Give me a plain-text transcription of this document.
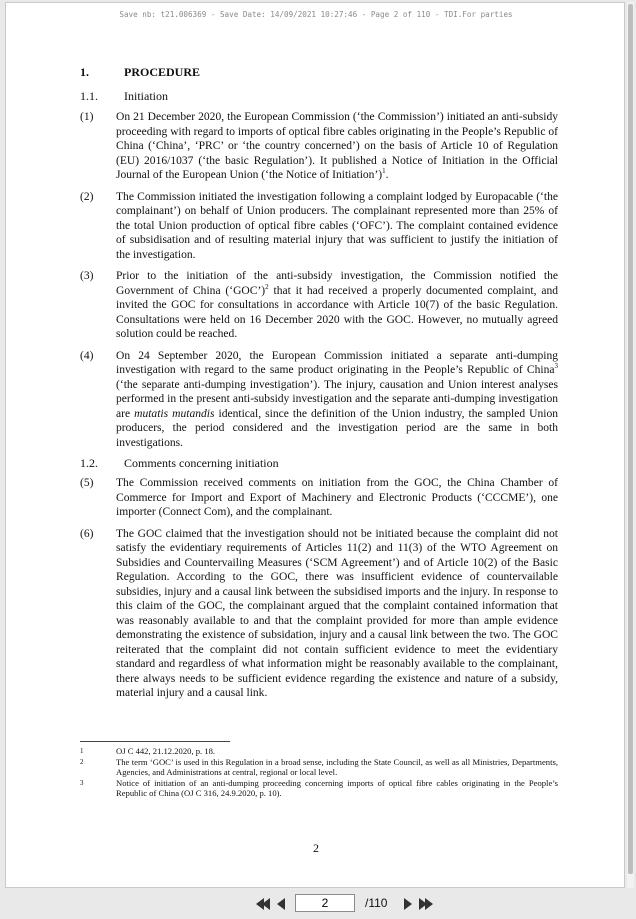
Save nb: t21.006369 - Save Date: 14/09/2021 10:27:46 - Page 2 of 110 - TDI.For parties
1.	PROCEDURE
1.1.	Initiation
(1)	On 21 December 2020, the European Commission (‘the Commission’) initiated an anti-subsidy proceeding with regard to imports of optical fibre cables originating in the People’s Republic of China (‘China’, ‘PRC’ or ‘the country concerned’) on the basis of Article 10 of Regulation (EU) 2016/1037 (‘the basic Regulation’). It published a Notice of Initiation in the Official Journal of the European Union (‘the Notice of Initiation’)$^1$.
(2)	The Commission initiated the investigation following a complaint lodged by Europacable (‘the complainant’) on behalf of Union producers. The complainant represented more than 25% of the total Union production of optical fibre cables (‘OFC’). The complaint contained evidence of subsidisation and of resulting material injury that was sufficient to justify the initiation of the investigation.
(3)	Prior to the initiation of the anti-subsidy investigation, the Commission notified the Government of China (‘GOC’)$^2$ that it had received a properly documented complaint, and invited the GOC for consultations in accordance with Article 10(7) of the basic Regulation. Consultations were held on 16 December 2020 with the GOC. However, no mutually agreed solution could be reached.
(4)	On 24 September 2020, the European Commission initiated a separate anti-dumping investigation with regard to the same product originating in the People’s Republic of China$^3$ (‘the separate anti-dumping investigation’). The injury, causation and Union interest analyses performed in the present anti-subsidy investigation and the separate anti-dumping investigation are mutatis mutandis identical, since the definition of the Union industry, the sampled Union producers, the period considered and the investigation period are the same in both investigations.
1.2.	Comments concerning initiation
(5)	The Commission received comments on initiation from the GOC, the China Chamber of Commerce for Import and Export of Machinery and Electronic Products (‘CCCME’), one importer (Connect Com), and the complainant.
(6)	The GOC claimed that the investigation should not be initiated because the complaint did not satisfy the evidentiary requirements of Articles 11(2) and 11(3) of the WTO Agreement on Subsidies and Countervailing Measures (‘SCM Agreement’) and of Article 10(2) of the Basic Regulation. According to the GOC, there was insufficient evidence of countervailable subsidies, injury and a causal link between the subsidised imports and the injury. In response to this claim of the GOC, the complainant argued that the complaint contained information that was reasonably available to and that the complaint provided for more than ample evidence demonstrating the existence of subsidation, injury and a causal link between the two. The GOC reiterated that the complaint did not contain sufficient evidence to meet the evidentiary standard and regardless of what information might be reasonably available to the complainant, there always needs to be sufficient evidence regarding the existence and nature of a subsidy, material injury and a causal link.
1	OJ C 442, 21.12.2020, p. 18.
2	The term ‘GOC’ is used in this Regulation in a broad sense, including the State Council, as well as all Ministries, Departments, Agencies, and Administrations at central, regional or local level.
3	Notice of initiation of an anti-dumping proceeding concerning imports of optical fibre cables originating in the People’s Republic of China (OJ C 316, 24.9.2020, p. 10).
2
2
/110
